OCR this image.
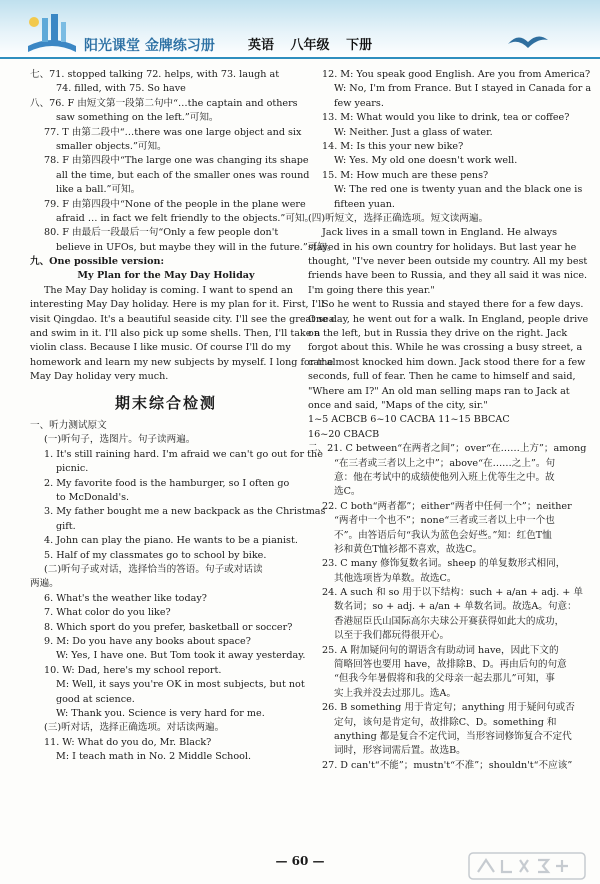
阳光课堂 金牌练习册	英语 八年级 下册
七、71. stopped talking 72. helps, with 73. laugh at
74. filled, with 75. So have
八、76. F 由短文第一段第二句中“…the captain and others
saw something on the left.”可知。
77. T 由第二段中“…there was one large object and six
smaller objects.”可知。
78. F 由第四段中“The large one was changing its shape
all the time, but each of the smaller ones was round
like a ball.”可知。
79. F 由第四段中“None of the people in the plane were
afraid … in fact we felt friendly to the objects.”可知。
80. F 由最后一段最后一句“Only a few people don't
believe in UFOs, but maybe they will in the future.”可知。
九、One possible version:
My Plan for the May Day Holiday
The May Day holiday is coming. I want to spend an
interesting May Day holiday. Here is my plan for it. First, I'll
visit Qingdao. It's a beautiful seaside city. I'll see the great sea
and swim in it. I'll also pick up some shells. Then, I'll take a
violin class. Because I like music. Of course I'll do my
homework and learn my new subjects by myself. I long for the
May Day holiday very much.
期末综合检测
一、听力测试原文
(一)听句子，选图片。句子读两遍。
1. It's still raining hard. I'm afraid we can't go out for the
picnic.
2. My favorite food is the hamburger, so I often go
to McDonald's.
3. My father bought me a new backpack as the Christmas
gift.
4. John can play the piano. He wants to be a pianist.
5. Half of my classmates go to school by bike.
(二)听句子或对话，选择恰当的答语。句子或对话读
两遍。
6. What's the weather like today?
7. What color do you like?
8. Which sport do you prefer, basketball or soccer?
9. M: Do you have any books about space?
W: Yes, I have one. But Tom took it away yesterday.
10. W: Dad, here's my school report.
M: Well, it says you're OK in most subjects, but not
good at science.
W: Thank you. Science is very hard for me.
(三)听对话，选择正确选项。对话读两遍。
11. W: What do you do, Mr. Black?
M: I teach math in No. 2 Middle School.
12. M: You speak good English. Are you from America?
W: No, I'm from France. But I stayed in Canada for a
few years.
13. M: What would you like to drink, tea or coffee?
W: Neither. Just a glass of water.
14. M: Is this your new bike?
W: Yes. My old one doesn't work well.
15. M: How much are these pens?
W: The red one is twenty yuan and the black one is
fifteen yuan.
(四)听短文，选择正确选项。短文读两遍。
Jack lives in a small town in England. He always
stayed in his own country for holidays. But last year he
thought, "I've never been outside my country. All my best
friends have been to Russia, and they all said it was nice.
I'm going there this year."
So he went to Russia and stayed there for a few days.
One day, he went out for a walk. In England, people drive
on the left, but in Russia they drive on the right. Jack
forgot about this. While he was crossing a busy street, a
car almost knocked him down. Jack stood there for a few
seconds, full of fear. Then he came to himself and said,
"Where am I?" An old man selling maps ran to Jack at
once and said, "Maps of the city, sir."
1~5 ACBCB 6~10 CACBA 11~15 BBCAC
16~20 CBACB
二、21. C between“在两者之间”；over“在……上方”；among
“在三者或三者以上之中”；above“在……之上”。句
意：他在考试中的成绩使他列入班上优等生之中。故
选C。
22. C both“两者都”；either“两者中任何一个”；neither
“两者中一个也不”；none“三者或三者以上中一个也
不”。由答语后句“我认为蓝色会好些。”知：红色T恤
衫和黄色T恤衫都不喜欢，故选C。
23. C many 修饰复数名词。sheep 的单复数形式相同，
其他选项皆为单数。故选C。
24. A such 和 so 用于以下结构：such + a/an + adj. + 单
数名词；so + adj. + a/an + 单数名词。故选A。句意：
香港屈臣氏山国际高尔夫球公开赛获得如此大的成功，
以至于我们都玩得很开心。
25. A 附加疑问句的谓语含有助动词 have，因此下文的
简略回答也要用 have，故排除B、D。再由后句的句意
“但我今年暑假将和我的父母亲一起去那儿”可知，事
实上我并没去过那儿。选A。
26. B something 用于肯定句；anything 用于疑问句或否
定句，该句是肯定句，故排除C、D。something 和
anything 都是复合不定代词，当形容词修饰复合不定代
词时，形容词需后置。故选B。
27. D can't“不能”；mustn't“不准”；shouldn't“不应该”
— 60 —
